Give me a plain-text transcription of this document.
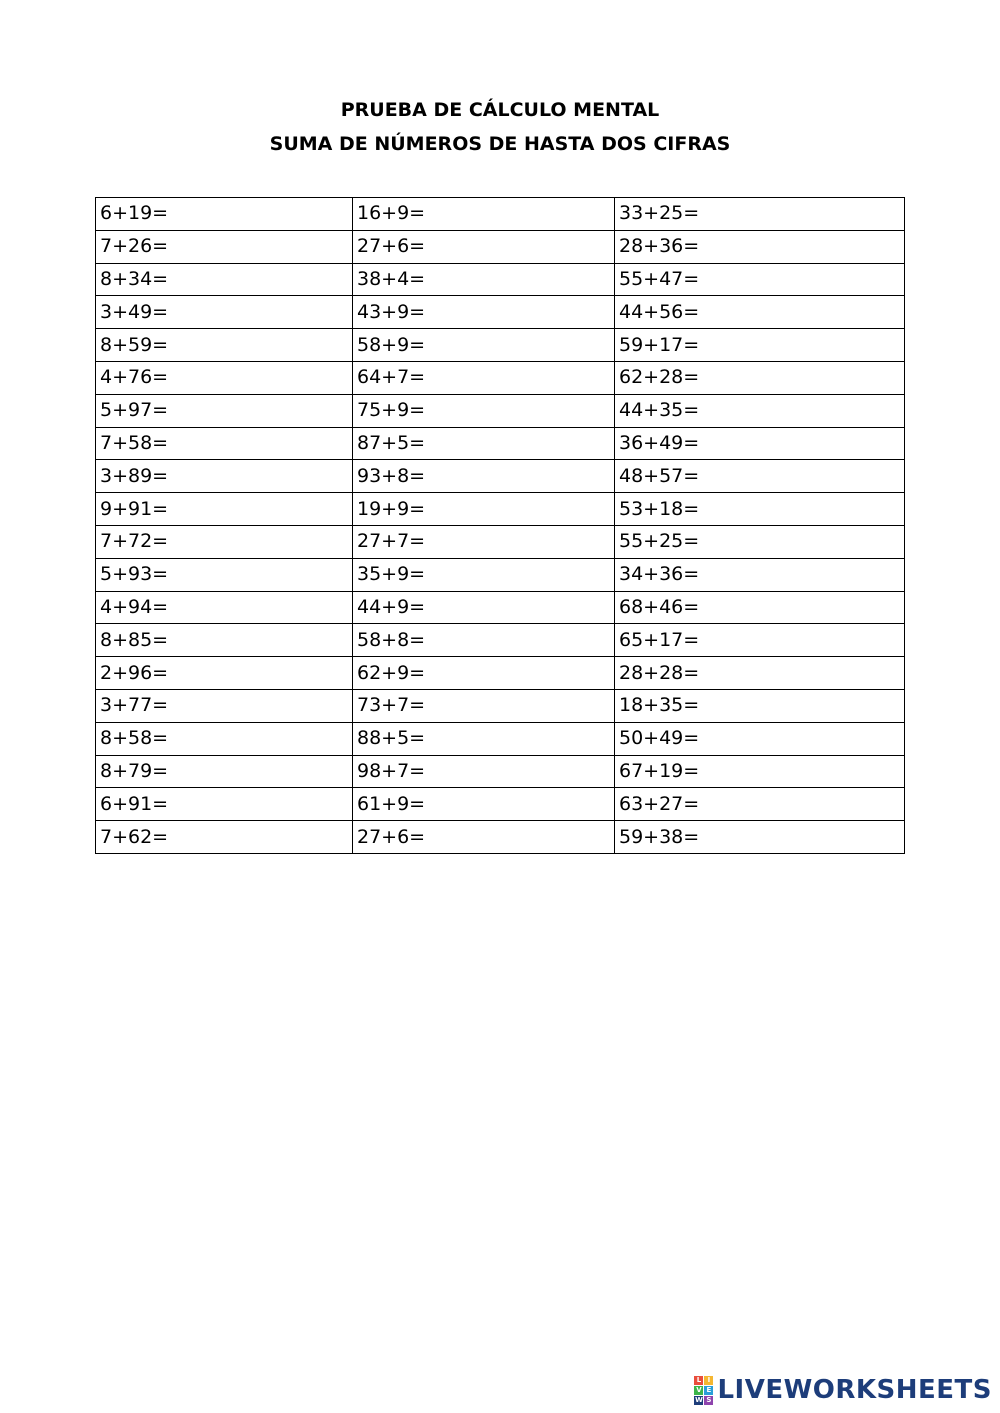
PRUEBA DE CÁLCULO MENTAL
SUMA DE NÚMEROS DE HASTA DOS CIFRAS
6+19=	16+9=	33+25=
7+26=	27+6=	28+36=
8+34=	38+4=	55+47=
3+49=	43+9=	44+56=
8+59=	58+9=	59+17=
4+76=	64+7=	62+28=
5+97=	75+9=	44+35=
7+58=	87+5=	36+49=
3+89=	93+8=	48+57=
9+91=	19+9=	53+18=
7+72=	27+7=	55+25=
5+93=	35+9=	34+36=
4+94=	44+9=	68+46=
8+85=	58+8=	65+17=
2+96=	62+9=	28+28=
3+77=	73+7=	18+35=
8+58=	88+5=	50+49=
8+79=	98+7=	67+19=
6+91=	61+9=	63+27=
7+62=	27+6=	59+38=
L I
V E
W S LIVEWORKSHEETS
